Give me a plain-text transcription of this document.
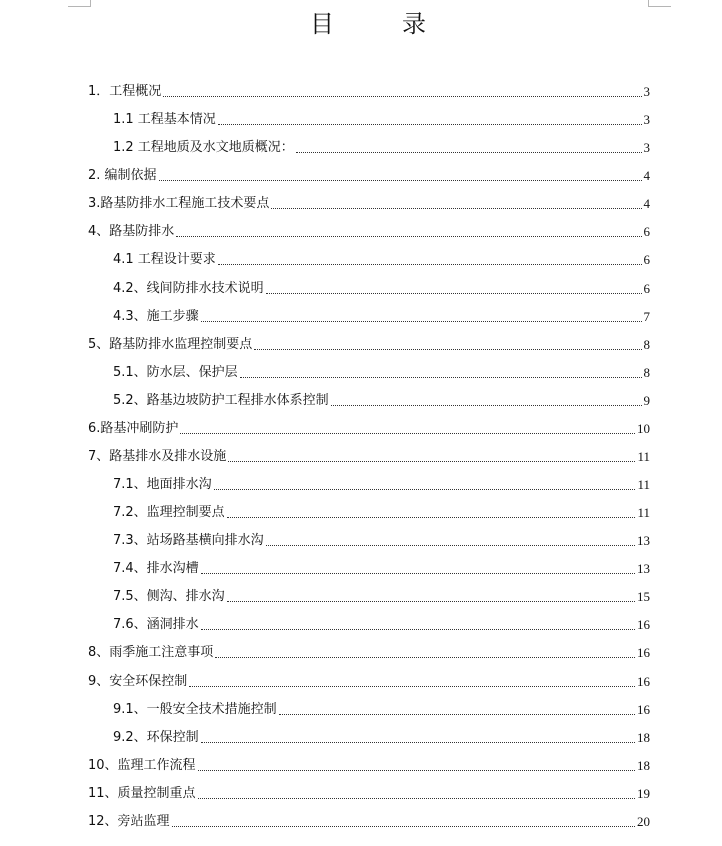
目	录
1．工程概况	3
1.1 工程基本情况	3
1.2 工程地质及水文地质概况：	3
2. 编制依据	4
3.路基防排水工程施工技术要点	4
4、路基防排水	6
4.1 工程设计要求	6
4.2、线间防排水技术说明	6
4.3、施工步骤	7
5、路基防排水监理控制要点	8
5.1、防水层、保护层	8
5.2、路基边坡防护工程排水体系控制	9
6.路基冲刷防护	10
7、路基排水及排水设施	11
7.1、地面排水沟	11
7.2、监理控制要点	11
7.3、站场路基横向排水沟	13
7.4、排水沟槽	13
7.5、侧沟、排水沟	15
7.6、涵洞排水	16
8、雨季施工注意事项	16
9、安全环保控制	16
9.1、一般安全技术措施控制	16
9.2、环保控制	18
10、监理工作流程	18
11、质量控制重点	19
12、旁站监理	20
